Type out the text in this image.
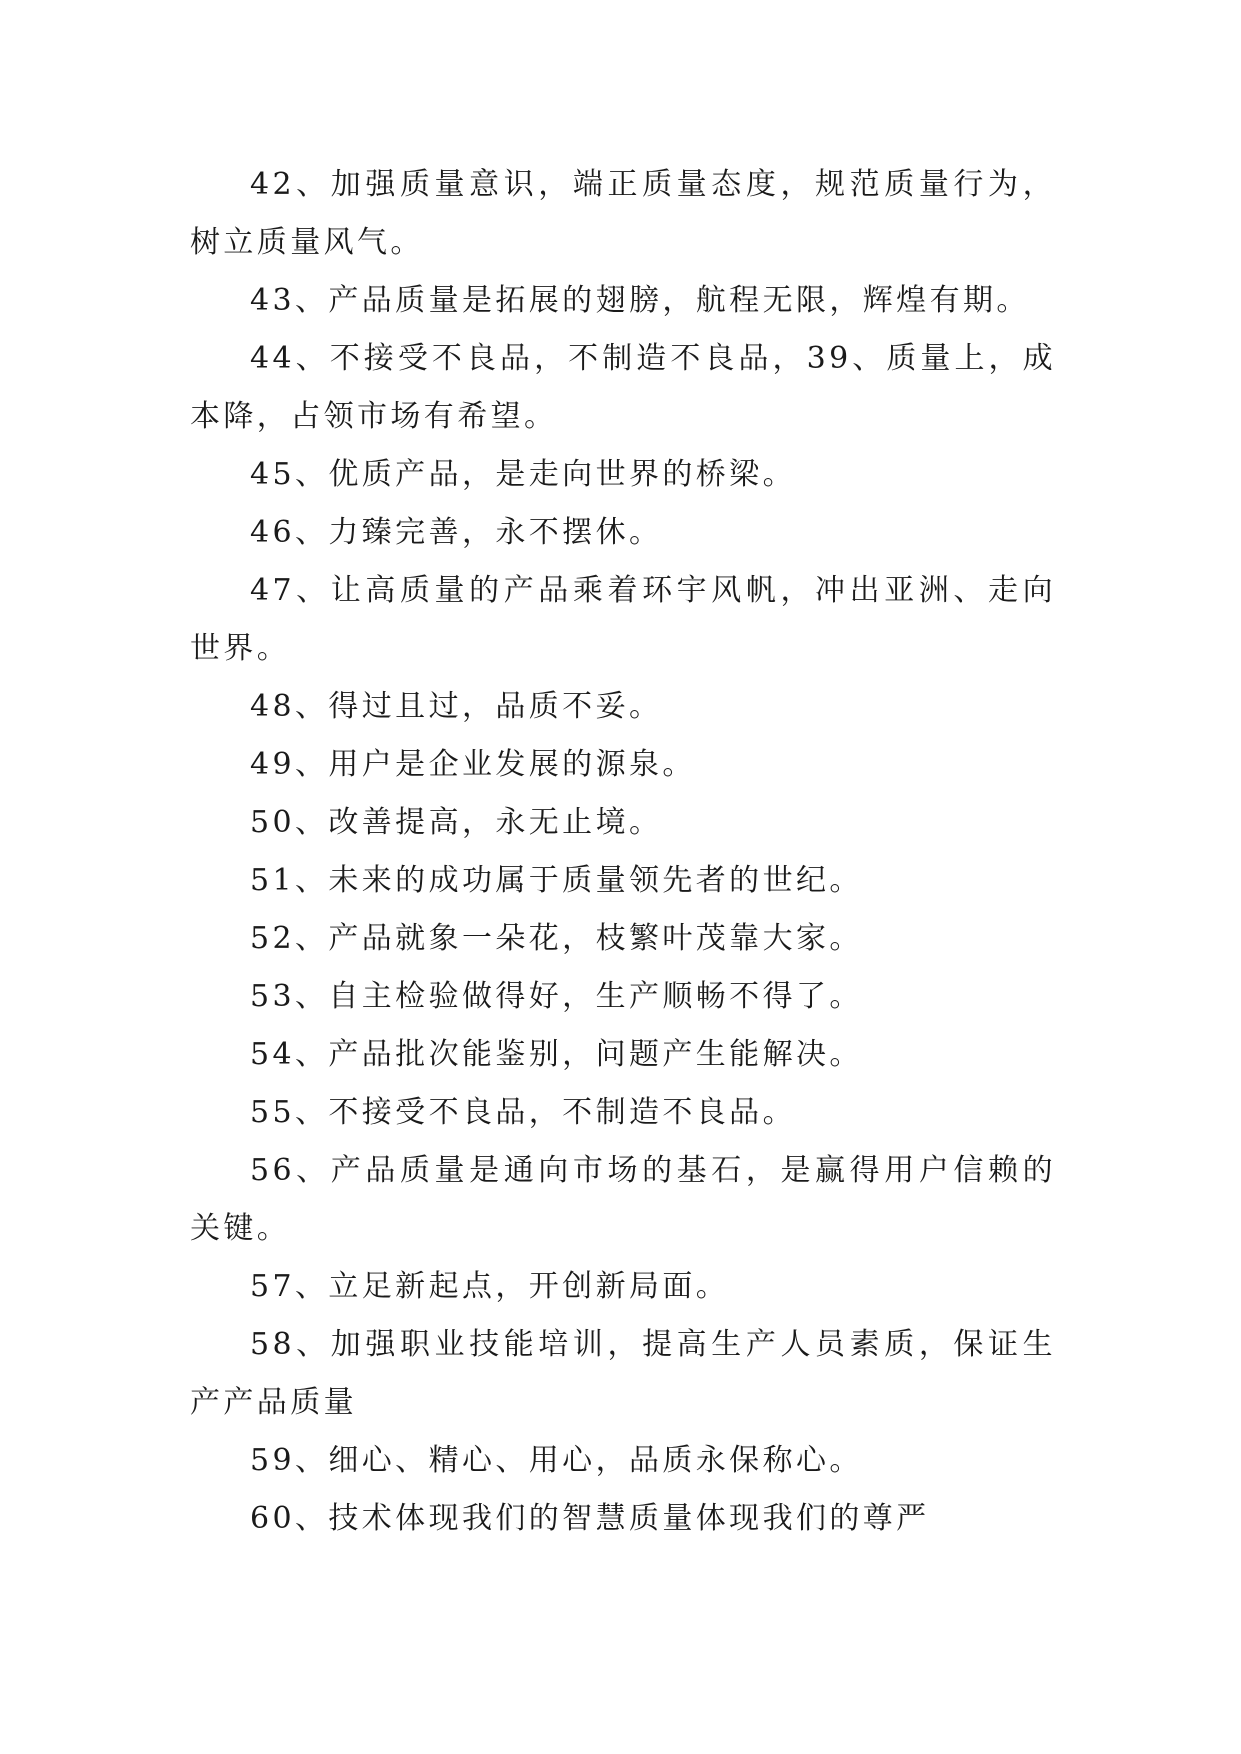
42、加强质量意识，端正质量态度，规范质量行为，树立质量风气。

43、产品质量是拓展的翅膀，航程无限，辉煌有期。

44、不接受不良品，不制造不良品，39、质量上，成本降，占领市场有希望。

45、优质产品，是走向世界的桥梁。

46、力臻完善，永不摆休。

47、让高质量的产品乘着环宇风帆，冲出亚洲、走向世界。

48、得过且过，品质不妥。

49、用户是企业发展的源泉。

50、改善提高，永无止境。

51、未来的成功属于质量领先者的世纪。

52、产品就象一朵花，枝繁叶茂靠大家。

53、自主检验做得好，生产顺畅不得了。

54、产品批次能鉴别，问题产生能解决。

55、不接受不良品，不制造不良品。

56、产品质量是通向市场的基石，是赢得用户信赖的关键。

57、立足新起点，开创新局面。

58、加强职业技能培训，提高生产人员素质，保证生产产品质量

59、细心、精心、用心，品质永保称心。

60、技术体现我们的智慧质量体现我们的尊严
